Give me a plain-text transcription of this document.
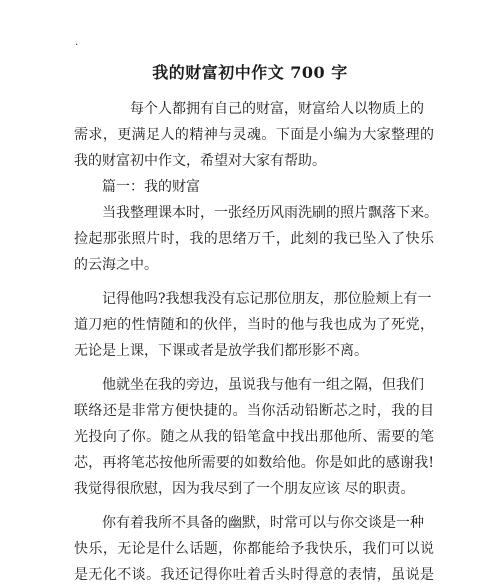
·
我的财富初中作文 700 字
每个人都拥有自己的财富，财富给人以物质上的
需求，更满足人的精神与灵魂。下面是小编为大家整理的
我的财富初中作文，希望对大家有帮助。
篇一：我的财富
当我整理课本时，一张经历风雨洗刷的照片飘落下来。
捡起那张照片时，我的思绪万千，此刻的我已坠入了快乐
的云海之中。
记得他吗?我想我没有忘记那位朋友，那位脸颊上有一
道刀疤的性情随和的伙伴，当时的他与我也成为了死党，
无论是上课，下课或者是放学我们都形影不离。
他就坐在我的旁边，虽说我与他有一组之隔，但我们
联络还是非常方便快捷的。当你活动铅断芯之时，我的目
光投向了你。随之从我的铅笔盒中找出那他所、需要的笔
芯，再将笔芯按他所需要的如数给他。你是如此的感谢我!
我觉得很欣慰，因为我尽到了一个朋友应该 尽的职责。
你有着我所不具备的幽默，时常可以与你交谈是一种
快乐，无论是什么话题，你都能给予我快乐，我们可以说
是无化不谈。我还记得你吐着舌头时得意的表情，虽说是
